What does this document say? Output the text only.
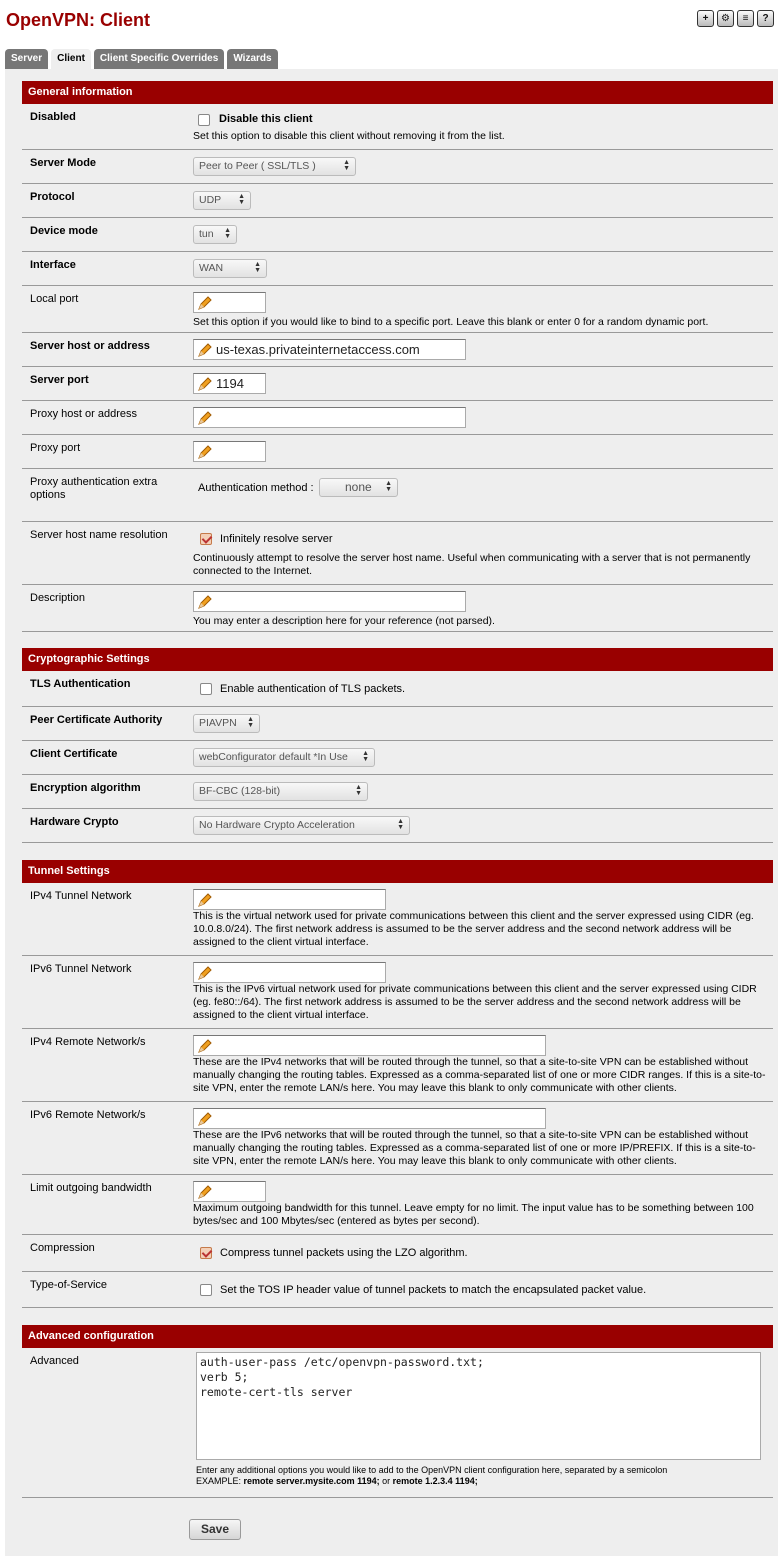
OpenVPN: Client	+	⚙	≡	?
Server	Client	Client Specific Overrides	Wizards
General information
Disabled	Disable this client
Set this option to disable this client without removing it from the list.
Server Mode	Peer to Peer ( SSL/TLS )	▲
▼
Protocol	UDP ▲
▼
Device mode	tun ▲
▼
Interface	WAN	▲
▼
Local port
Set this option if you would like to bind to a specific port. Leave this blank or enter 0 for a random dynamic port.
Server host or address	us-texas.privateinternetaccess.com
Server port	1194
Proxy host or address
Proxy port
Proxy authentication extra options
Authentication method :	none ▲
▼
Server host name resolution	Infinitely resolve server
Continuously attempt to resolve the server host name. Useful when communicating with a server that is not permanently connected to the Internet.
Description
You may enter a description here for your reference (not parsed).
Cryptographic Settings
TLS Authentication	Enable authentication of TLS packets.
Peer Certificate Authority	PIAVPN ▲
▼
Client Certificate	webConfigurator default *In Use ▲
▼
Encryption algorithm	BF-CBC (128-bit)	▲
▼
Hardware Crypto	No Hardware Crypto Acceleration	▲
▼
Tunnel Settings
IPv4 Tunnel Network
This is the virtual network used for private communications between this client and the server expressed using CIDR (eg. 10.0.8.0/24). The first network address is assumed to be the server address and the second network address will be assigned to the client virtual interface.
IPv6 Tunnel Network
This is the IPv6 virtual network used for private communications between this client and the server expressed using CIDR (eg. fe80::/64). The first network address is assumed to be the server address and the second network address will be assigned to the client virtual interface.
IPv4 Remote Network/s
These are the IPv4 networks that will be routed through the tunnel, so that a site-to-site VPN can be established without manually changing the routing tables. Expressed as a comma-separated list of one or more CIDR ranges. If this is a site-to-site VPN, enter the remote LAN/s here. You may leave this blank to only communicate with other clients.
IPv6 Remote Network/s
These are the IPv6 networks that will be routed through the tunnel, so that a site-to-site VPN can be established without manually changing the routing tables. Expressed as a comma-separated list of one or more IP/PREFIX. If this is a site-to-site VPN, enter the remote LAN/s here. You may leave this blank to only communicate with other clients.
Limit outgoing bandwidth
Maximum outgoing bandwidth for this tunnel. Leave empty for no limit. The input value has to be something between 100 bytes/sec and 100 Mbytes/sec (entered as bytes per second).
Compression	Compress tunnel packets using the LZO algorithm.
Type-of-Service	Set the TOS IP header value of tunnel packets to match the encapsulated packet value.
Advanced configuration
Advanced
auth-user-pass /etc/openvpn-password.txt; verb 5; remote-cert-tls server
Enter any additional options you would like to add to the OpenVPN client configuration here, separated by a semicolon
EXAMPLE: remote server.mysite.com 1194; or remote 1.2.3.4 1194;
Save
